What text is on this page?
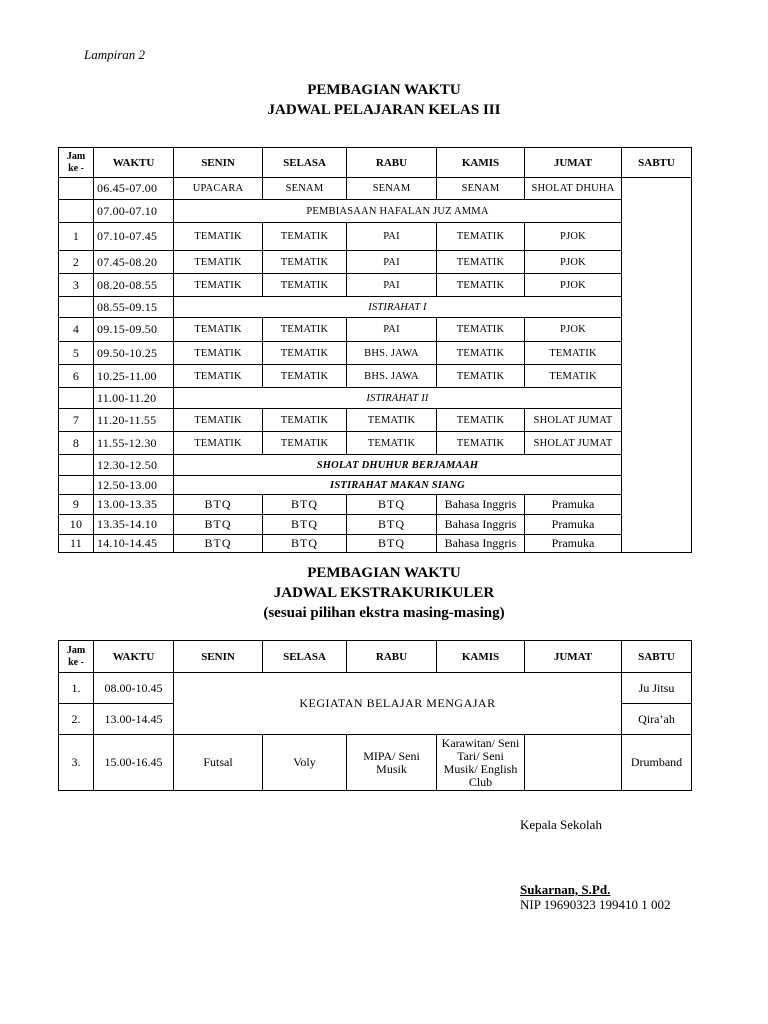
Lampiran 2
PEMBAGIAN WAKTU
JADWAL PELAJARAN KELAS III
Jam ke -	WAKTU	SENIN	SELASA	RABU	KAMIS	JUMAT	SABTU
	06.45-07.00	UPACARA	SENAM	SENAM	SENAM	SHOLAT DHUHA	
	07.00-07.10	PEMBIASAAN HAFALAN JUZ AMMA					
1	07.10-07.45	TEMATIK	TEMATIK	PAI	TEMATIK	PJOK	
2	07.45-08.20	TEMATIK	TEMATIK	PAI	TEMATIK	PJOK	
3	08.20-08.55	TEMATIK	TEMATIK	PAI	TEMATIK	PJOK	
	08.55-09.15	ISTIRAHAT I					
4	09.15-09.50	TEMATIK	TEMATIK	PAI	TEMATIK	PJOK	
5	09.50-10.25	TEMATIK	TEMATIK	BHS. JAWA	TEMATIK	TEMATIK	
6	10.25-11.00	TEMATIK	TEMATIK	BHS. JAWA	TEMATIK	TEMATIK	
	11.00-11.20	ISTIRAHAT II					
7	11.20-11.55	TEMATIK	TEMATIK	TEMATIK	TEMATIK	SHOLAT JUMAT	
8	11.55-12.30	TEMATIK	TEMATIK	TEMATIK	TEMATIK	SHOLAT JUMAT	
	12.30-12.50	SHOLAT DHUHUR BERJAMAAH					
	12.50-13.00	ISTIRAHAT MAKAN SIANG					
9	13.00-13.35	BTQ	BTQ	BTQ	Bahasa Inggris	Pramuka	
10	13.35-14.10	BTQ	BTQ	BTQ	Bahasa Inggris	Pramuka	
11	14.10-14.45	BTQ	BTQ	BTQ	Bahasa Inggris	Pramuka	
PEMBAGIAN WAKTU
JADWAL EKSTRAKURIKULER
(sesuai pilihan ekstra masing-masing)
Jam ke -	WAKTU	SENIN	SELASA	RABU	KAMIS	JUMAT	SABTU
1.	08.00-10.45	KEGIATAN BELAJAR MENGAJAR					Ju Jitsu
2.	13.00-14.45						Qira’ah
3.	15.00-16.45	Futsal	Voly	MIPA/ Seni Musik	Karawitan/ Seni Tari/ Seni Musik/ English Club		Drumband
Kepala Sekolah
Sukarnan, S.Pd.
NIP 19690323 199410 1 002
